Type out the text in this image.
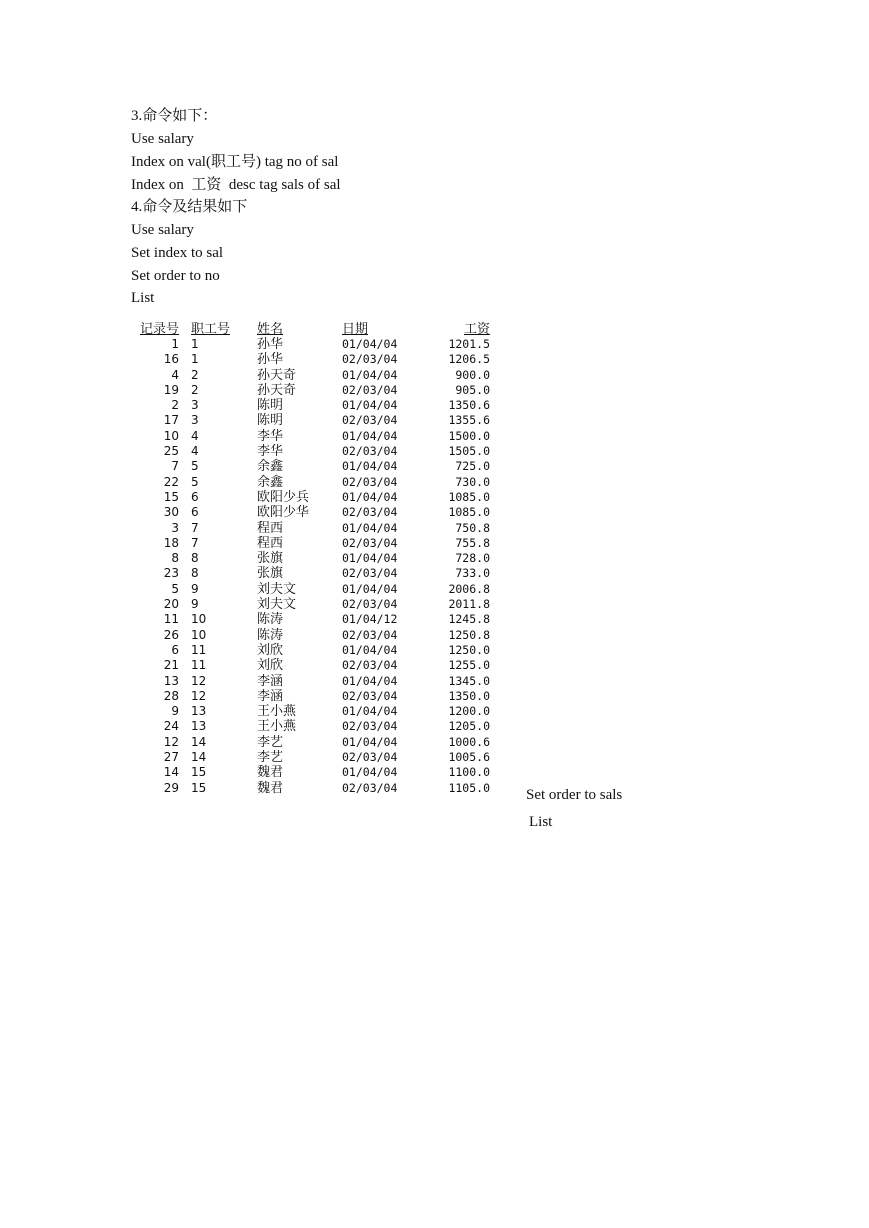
3.命令如下：
Use salary
Index on val(职工号) tag no of sal
Index on  工资  desc tag sals of sal
4.命令及结果如下
Use salary
Set index to sal
Set order to no
List
记录号	职工号	姓名	日期	工资
1	1	孙华	01/04/04	1201.5
16	1	孙华	02/03/04	1206.5
4	2	孙天奇	01/04/04	900.0
19	2	孙天奇	02/03/04	905.0
2	3	陈明	01/04/04	1350.6
17	3	陈明	02/03/04	1355.6
10	4	李华	01/04/04	1500.0
25	4	李华	02/03/04	1505.0
7	5	余鑫	01/04/04	725.0
22	5	余鑫	02/03/04	730.0
15	6	欧阳少兵	01/04/04	1085.0
30	6	欧阳少华	02/03/04	1085.0
3	7	程西	01/04/04	750.8
18	7	程西	02/03/04	755.8
8	8	张旗	01/04/04	728.0
23	8	张旗	02/03/04	733.0
5	9	刘夫文	01/04/04	2006.8
20	9	刘夫文	02/03/04	2011.8
11	10	陈涛	01/04/12	1245.8
26	10	陈涛	02/03/04	1250.8
6	11	刘欣	01/04/04	1250.0
21	11	刘欣	02/03/04	1255.0
13	12	李涵	01/04/04	1345.0
28	12	李涵	02/03/04	1350.0
9	13	王小燕	01/04/04	1200.0
24	13	王小燕	02/03/04	1205.0
12	14	李艺	01/04/04	1000.6
27	14	李艺	02/03/04	1005.6
14	15	魏君	01/04/04	1100.0
29	15	魏君	02/03/04	1105.0 Set order to sals
List
